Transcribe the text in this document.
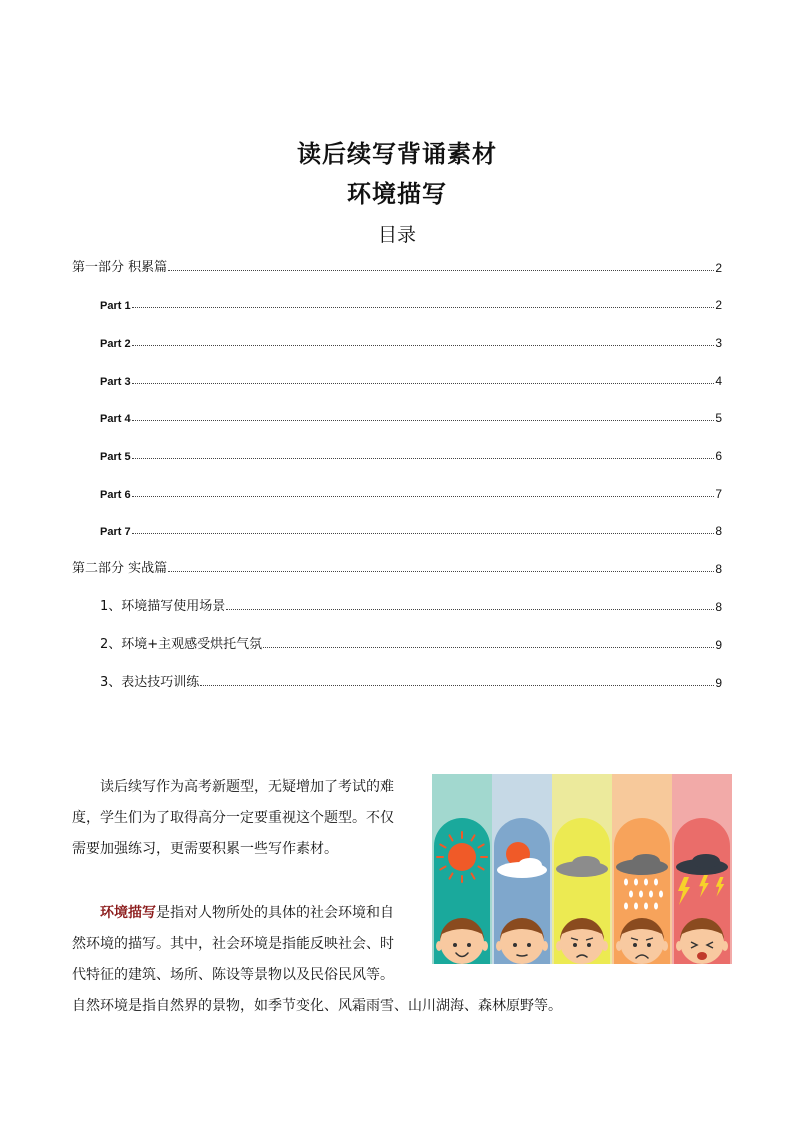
读后续写背诵素材
环境描写
目录
第一部分 积累篇	2
Part 1	2
Part 2	3
Part 3	4
Part 4	5
Part 5	6
Part 6	7
Part 7	8
第二部分 实战篇	8
1、环境描写使用场景	8
2、环境+主观感受烘托气氛	9
3、表达技巧训练	9
读后续写作为高考新题型，无疑增加了考试的难
度，学生们为了取得高分一定要重视这个题型。不仅
需要加强练习，更需要积累一些写作素材。
环境描写是指对人物所处的具体的社会环境和自
然环境的描写。其中，社会环境是指能反映社会、时
代特征的建筑、场所、陈设等景物以及民俗民风等。
自然环境是指自然界的景物，如季节变化、风霜雨雪、山川湖海、森林原野等。
